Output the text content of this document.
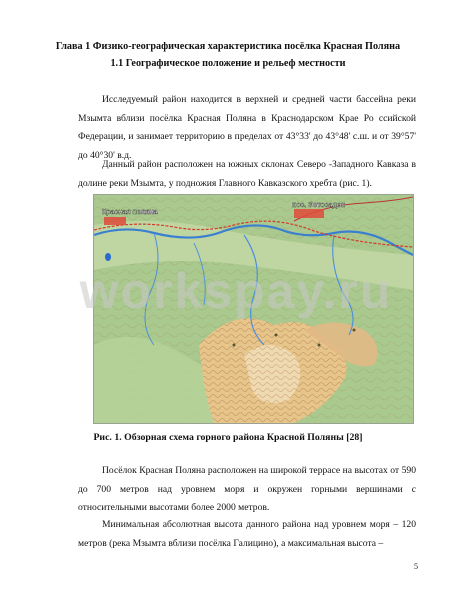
Глава 1 Физико-географическая характеристика посёлка Красная Поляна
1.1 Географическое положение и рельеф местности

Исследуемый район находится в верхней и средней части бассейна реки Мзымта вблизи посёлка Красная Поляна в Краснодарском Крае Ро ссийской Федерации, и занимает территорию в пределах от 43°33' до 43°48' с.ш. и от 39°57' до 40°30' в.д.

Данный район расположен на южных склонах Северо -Западного Кавказа в долине реки Мзымта, у подножия Главного Кавказского хребта (рис. 1).

Красная поляна
пос. Эстосадок
Рис. 1. Обзорная схема горного района Красной Поляны [28]

Посёлок Красная Поляна расположен на широкой террасе на высотах от 590 до 700 метров над уровнем моря и окружен горными вершинами с относительными высотами более 2000 метров.

Минимальная абсолютная высота данного района над уровнем моря – 120 метров (река Мзымта вблизи посёлка Галицино), а максимальная высота –

workspay.ru
5
